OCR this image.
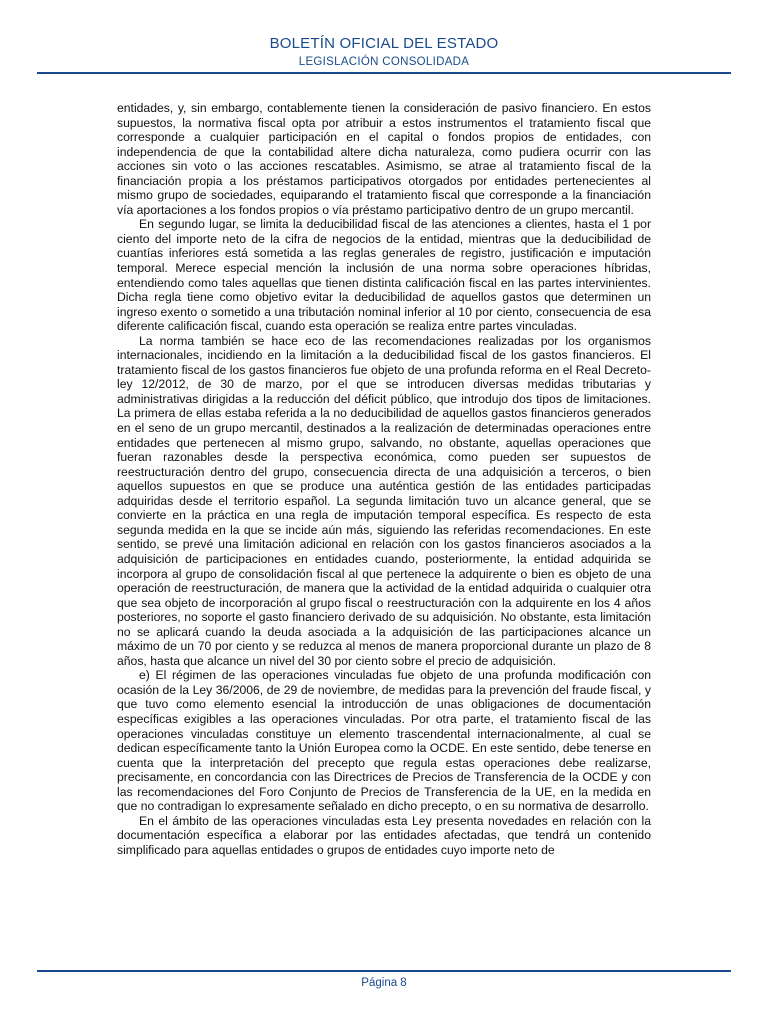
BOLETÍN OFICIAL DEL ESTADO
LEGISLACIÓN CONSOLIDADA

entidades, y, sin embargo, contablemente tienen la consideración de pasivo financiero. En estos supuestos, la normativa fiscal opta por atribuir a estos instrumentos el tratamiento fiscal que corresponde a cualquier participación en el capital o fondos propios de entidades, con independencia de que la contabilidad altere dicha naturaleza, como pudiera ocurrir con las acciones sin voto o las acciones rescatables. Asimismo, se atrae al tratamiento fiscal de la financiación propia a los préstamos participativos otorgados por entidades pertenecientes al mismo grupo de sociedades, equiparando el tratamiento fiscal que corresponde a la financiación vía aportaciones a los fondos propios o vía préstamo participativo dentro de un grupo mercantil.

En segundo lugar, se limita la deducibilidad fiscal de las atenciones a clientes, hasta el 1 por ciento del importe neto de la cifra de negocios de la entidad, mientras que la deducibilidad de cuantías inferiores está sometida a las reglas generales de registro, justificación e imputación temporal. Merece especial mención la inclusión de una norma sobre operaciones híbridas, entendiendo como tales aquellas que tienen distinta calificación fiscal en las partes intervinientes. Dicha regla tiene como objetivo evitar la deducibilidad de aquellos gastos que determinen un ingreso exento o sometido a una tributación nominal inferior al 10 por ciento, consecuencia de esa diferente calificación fiscal, cuando esta operación se realiza entre partes vinculadas.

La norma también se hace eco de las recomendaciones realizadas por los organismos internacionales, incidiendo en la limitación a la deducibilidad fiscal de los gastos financieros. El tratamiento fiscal de los gastos financieros fue objeto de una profunda reforma en el Real Decreto-ley 12/2012, de 30 de marzo, por el que se introducen diversas medidas tributarias y administrativas dirigidas a la reducción del déficit público, que introdujo dos tipos de limitaciones. La primera de ellas estaba referida a la no deducibilidad de aquellos gastos financieros generados en el seno de un grupo mercantil, destinados a la realización de determinadas operaciones entre entidades que pertenecen al mismo grupo, salvando, no obstante, aquellas operaciones que fueran razonables desde la perspectiva económica, como pueden ser supuestos de reestructuración dentro del grupo, consecuencia directa de una adquisición a terceros, o bien aquellos supuestos en que se produce una auténtica gestión de las entidades participadas adquiridas desde el territorio español. La segunda limitación tuvo un alcance general, que se convierte en la práctica en una regla de imputación temporal específica. Es respecto de esta segunda medida en la que se incide aún más, siguiendo las referidas recomendaciones. En este sentido, se prevé una limitación adicional en relación con los gastos financieros asociados a la adquisición de participaciones en entidades cuando, posteriormente, la entidad adquirida se incorpora al grupo de consolidación fiscal al que pertenece la adquirente o bien es objeto de una operación de reestructuración, de manera que la actividad de la entidad adquirida o cualquier otra que sea objeto de incorporación al grupo fiscal o reestructuración con la adquirente en los 4 años posteriores, no soporte el gasto financiero derivado de su adquisición. No obstante, esta limitación no se aplicará cuando la deuda asociada a la adquisición de las participaciones alcance un máximo de un 70 por ciento y se reduzca al menos de manera proporcional durante un plazo de 8 años, hasta que alcance un nivel del 30 por ciento sobre el precio de adquisición.

e) El régimen de las operaciones vinculadas fue objeto de una profunda modificación con ocasión de la Ley 36/2006, de 29 de noviembre, de medidas para la prevención del fraude fiscal, y que tuvo como elemento esencial la introducción de unas obligaciones de documentación específicas exigibles a las operaciones vinculadas. Por otra parte, el tratamiento fiscal de las operaciones vinculadas constituye un elemento trascendental internacionalmente, al cual se dedican específicamente tanto la Unión Europea como la OCDE. En este sentido, debe tenerse en cuenta que la interpretación del precepto que regula estas operaciones debe realizarse, precisamente, en concordancia con las Directrices de Precios de Transferencia de la OCDE y con las recomendaciones del Foro Conjunto de Precios de Transferencia de la UE, en la medida en que no contradigan lo expresamente señalado en dicho precepto, o en su normativa de desarrollo.

En el ámbito de las operaciones vinculadas esta Ley presenta novedades en relación con la documentación específica a elaborar por las entidades afectadas, que tendrá un contenido simplificado para aquellas entidades o grupos de entidades cuyo importe neto de

Página 8
